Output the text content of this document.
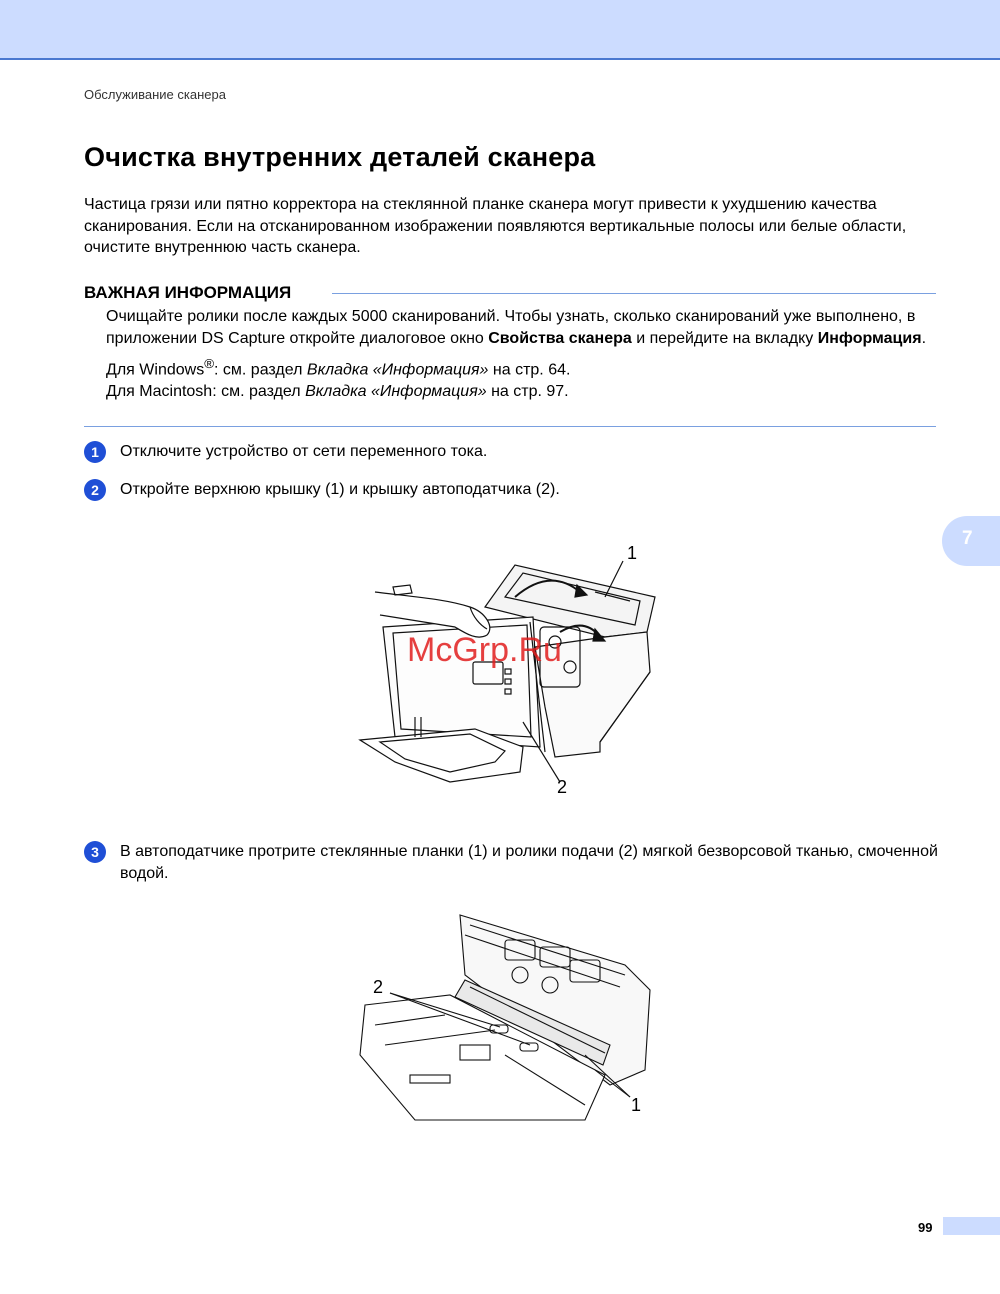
Обслуживание сканера
Очистка внутренних деталей сканера

Частица грязи или пятно корректора на стеклянной планке сканера могут привести к ухудшению качества сканирования. Если на отсканированном изображении появляются вертикальные полосы или белые области, очистите внутреннюю часть сканера.

ВАЖНАЯ ИНФОРМАЦИЯ

Очищайте ролики после каждых 5000 сканирований. Чтобы узнать, сколько сканирований уже выполнено, в приложении DS Capture откройте диалоговое окно Свойства сканера и перейдите на вкладку Информация.

Для Windows®: см. раздел Вкладка «Информация» на стр. 64.

Для Macintosh: см. раздел Вкладка «Информация» на стр. 97.

1	Отключите устройство от сети переменного тока.
2	Откройте верхнюю крышку (1) и крышку автоподатчика (2).
1
2
McGrp.Ru
3	В автоподатчике протрите стеклянные планки (1) и ролики подачи (2) мягкой безворсовой тканью, смоченной водой.
2
1
7
99
